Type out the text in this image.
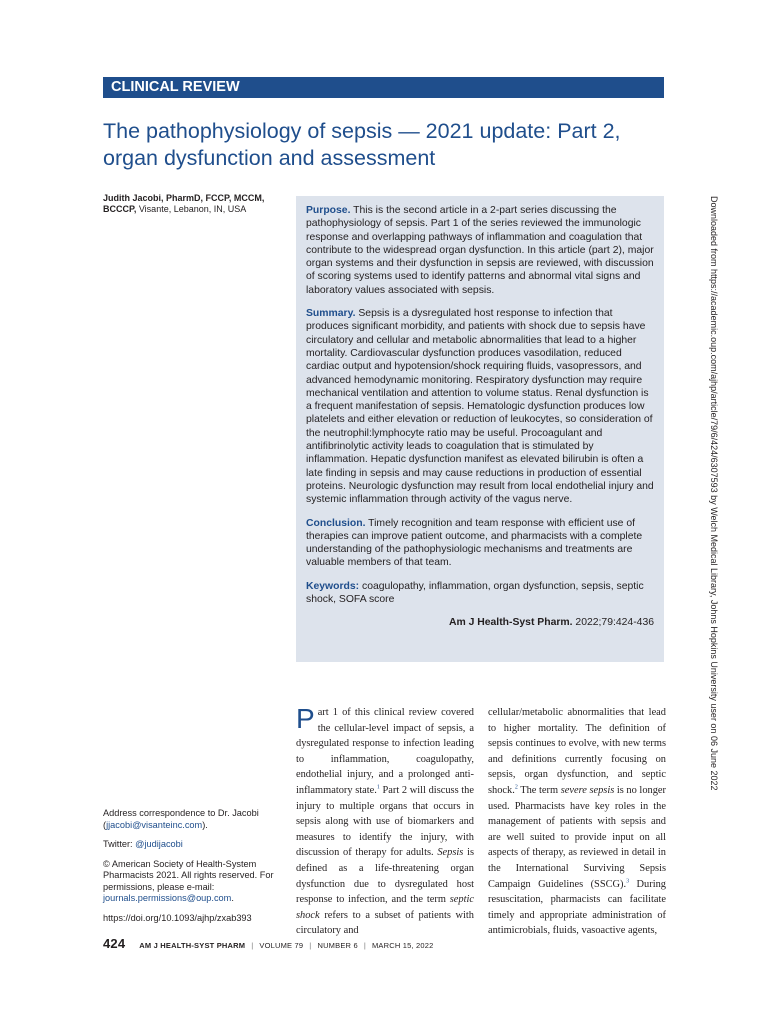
CLINICAL REVIEW
The pathophysiology of sepsis — 2021 update: Part 2, organ dysfunction and assessment
Judith Jacobi, PharmD, FCCP, MCCM, BCCCP, Visante, Lebanon, IN, USA	Purpose. This is the second article in a 2-part series discussing the pathophysiology of sepsis. Part 1 of the series reviewed the immunologic response and overlapping pathways of inflammation and coagulation that contribute to the widespread organ dysfunction. In this article (part 2), major organ systems and their dysfunction in sepsis are reviewed, with discussion of scoring systems used to identify patterns and abnormal vital signs and laboratory values associated with sepsis.

Summary. Sepsis is a dysregulated host response to infection that produces significant morbidity, and patients with shock due to sepsis have circulatory and cellular and metabolic abnormalities that lead to a higher mortality. Cardiovascular dysfunction produces vasodilation, reduced cardiac output and hypotension/shock requiring fluids, vasopressors, and advanced hemodynamic monitoring. Respiratory dysfunction may require mechanical ventilation and attention to volume status. Renal dysfunction is a frequent manifestation of sepsis. Hematologic dysfunction produces low platelets and either elevation or reduction of leukocytes, so consideration of the neutrophil:lymphocyte ratio may be useful. Procoagulant and antifibrinolytic activity leads to coagulation that is stimulated by inflammation. Hepatic dysfunction manifest as elevated bilirubin is often a late finding in sepsis and may cause reductions in production of essential proteins. Neurologic dysfunction may result from local endothelial injury and systemic inflammation through activity of the vagus nerve.

Conclusion. Timely recognition and team response with efficient use of therapies can improve patient outcome, and pharmacists with a complete understanding of the pathophysiologic mechanisms and treatments are valuable members of that team.

Keywords: coagulopathy, inflammation, organ dysfunction, sepsis, septic shock, SOFA score

Am J Health-Syst Pharm. 2022;79:424-436

Part 1 of this clinical review covered the cellular-level impact of sepsis, a dysregulated response to infection leading to inflammation, coagulopathy, endothelial injury, and a prolonged anti-inflammatory state.$^1$ Part 2 will discuss the injury to multiple organs that occurs in sepsis along with use of biomarkers and measures to identify the injury, with discussion of therapy for adults. Sepsis is defined as a life-threatening organ dysfunction due to dysregulated host response to infection, and the term septic shock refers to a subset of patients with circulatory and

cellular/metabolic abnormalities that lead to higher mortality. The definition of sepsis continues to evolve, with new terms and definitions currently focusing on sepsis, organ dysfunction, and septic shock.$^2$ The term severe sepsis is no longer used. Pharmacists have key roles in the management of patients with sepsis and are well suited to provide input on all aspects of therapy, as reviewed in detail in the International Surviving Sepsis Campaign Guidelines (SSCG).$^3$ During resuscitation, pharmacists can facilitate timely and appropriate administration of antimicrobials, fluids, vasoactive agents,

Address correspondence to Dr. Jacobi (jjacobi@visanteinc.com).

Twitter: @judijacobi

© American Society of Health-System Pharmacists 2021. All rights reserved. For permissions, please e-mail: journals.permissions@oup.com.

https://doi.org/10.1093/ajhp/zxab393

424 AM J HEALTH-SYST PHARM | VOLUME 79 | NUMBER 6 | MARCH 15, 2022
Downloaded from https://academic.oup.com/ajhp/article/79/6/424/6307593 by Welch Medical Library, Johns Hopkins University user on 06 June 2022
